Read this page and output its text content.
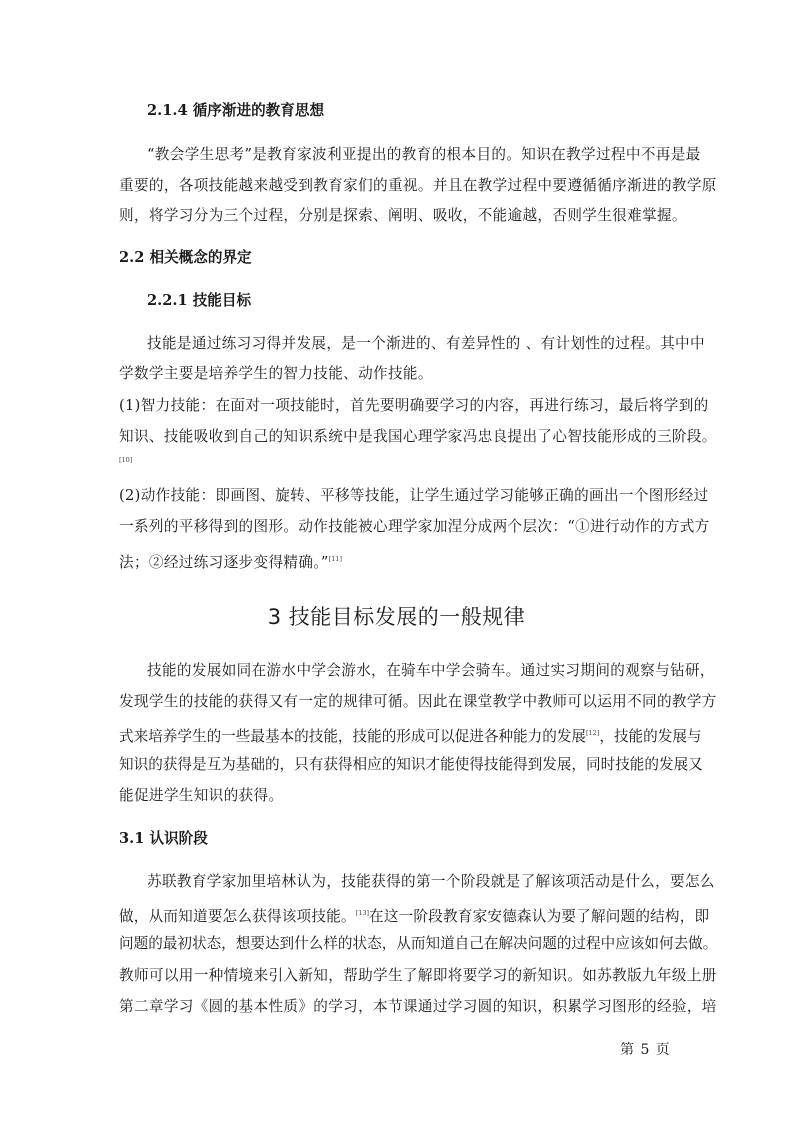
2.1.4 循序渐进的教育思想
“教会学生思考”是教育家波利亚提出的教育的根本目的。知识在教学过程中不再是最
重要的，各项技能越来越受到教育家们的重视。并且在教学过程中要遵循循序渐进的教学原
则，将学习分为三个过程，分别是探索、阐明、吸收，不能逾越，否则学生很难掌握。
2.2 相关概念的界定
2.2.1 技能目标
技能是通过练习习得并发展，是一个渐进的、有差异性的 、有计划性的过程。其中中
学数学主要是培养学生的智力技能、动作技能。
(1)智力技能：在面对一项技能时，首先要明确要学习的内容，再进行练习，最后将学到的
知识、技能吸收到自己的知识系统中是我国心理学家冯忠良提出了心智技能形成的三阶段。
[10]
(2)动作技能：即画图、旋转、平移等技能，让学生通过学习能够正确的画出一个图形经过
一系列的平移得到的图形。动作技能被心理学家加涅分成两个层次：“①进行动作的方式方
法；②经过练习逐步变得精确。”[11]
3 技能目标发展的一般规律
技能的发展如同在游水中学会游水，在骑车中学会骑车。通过实习期间的观察与钻研，
发现学生的技能的获得又有一定的规律可循。因此在课堂教学中教师可以运用不同的教学方
式来培养学生的一些最基本的技能，技能的形成可以促进各种能力的发展[12]，技能的发展与
知识的获得是互为基础的，只有获得相应的知识才能使得技能得到发展，同时技能的发展又
能促进学生知识的获得。
3.1 认识阶段
苏联教育学家加里培林认为，技能获得的第一个阶段就是了解该项活动是什么，要怎么
做，从而知道要怎么获得该项技能。[13]在这一阶段教育家安德森认为要了解问题的结构，即
问题的最初状态，想要达到什么样的状态，从而知道自己在解决问题的过程中应该如何去做。
教师可以用一种情境来引入新知，帮助学生了解即将要学习的新知识。如苏教版九年级上册
第二章学习《圆的基本性质》的学习，本节课通过学习圆的知识，积累学习图形的经验，培
第 5 页
